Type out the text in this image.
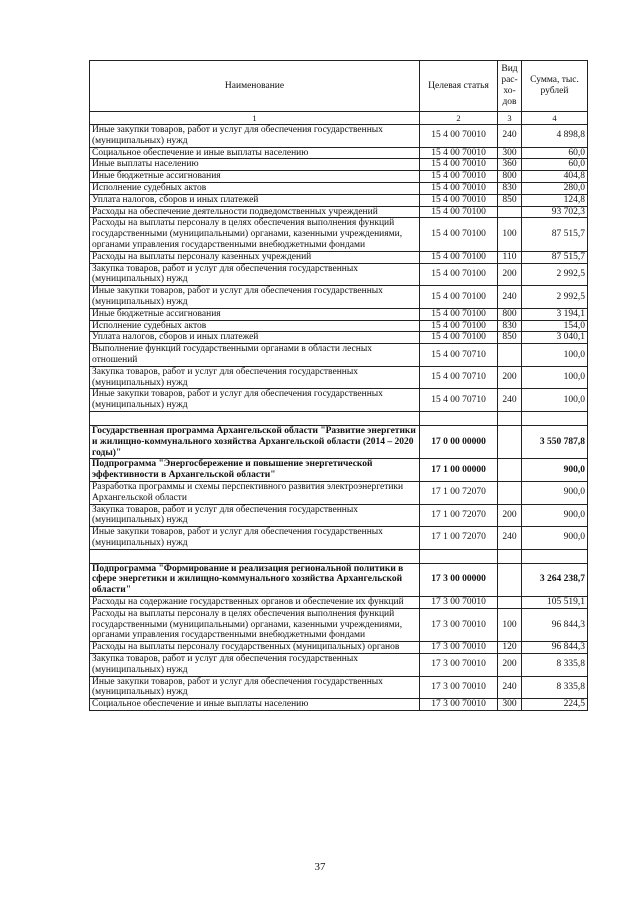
Наименование	Целевая статья	Вид рас-хо-дов	Сумма, тыс. рублей
1	2	3	4
Иные закупки товаров, работ и услуг для обеспечения государственных (муниципальных) нужд	15 4 00 70010	240	4 898,8
Социальное обеспечение и иные выплаты населению	15 4 00 70010	300	60,0
Иные выплаты населению	15 4 00 70010	360	60,0
Иные бюджетные ассигнования	15 4 00 70010	800	404,8
Исполнение судебных актов	15 4 00 70010	830	280,0
Уплата налогов, сборов и иных платежей	15 4 00 70010	850	124,8
Расходы на обеспечение деятельности подведомственных учреждений	15 4 00 70100		93 702,3
Расходы на выплаты персоналу в целях обеспечения выполнения функций государственными (муниципальными) органами, казенными учреждениями, органами управления государственными внебюджетными фондами	15 4 00 70100	100	87 515,7
Расходы на выплаты персоналу казенных учреждений	15 4 00 70100	110	87 515,7
Закупка товаров, работ и услуг для обеспечения государственных (муниципальных) нужд	15 4 00 70100	200	2 992,5
Иные закупки товаров, работ и услуг для обеспечения государственных (муниципальных) нужд	15 4 00 70100	240	2 992,5
Иные бюджетные ассигнования	15 4 00 70100	800	3 194,1
Исполнение судебных актов	15 4 00 70100	830	154,0
Уплата налогов, сборов и иных платежей	15 4 00 70100	850	3 040,1
Выполнение функций государственными органами в области лесных отношений	15 4 00 70710		100,0
Закупка товаров, работ и услуг для обеспечения государственных (муниципальных) нужд	15 4 00 70710	200	100,0
Иные закупки товаров, работ и услуг для обеспечения государственных (муниципальных) нужд	15 4 00 70710	240	100,0

Государственная программа Архангельской области "Развитие энергетики и жилищно-коммунального хозяйства Архангельской области (2014 – 2020 годы)"	17 0 00 00000		3 550 787,8
Подпрограмма "Энергосбережение и повышение энергетической эффективности в Архангельской области"	17 1 00 00000		900,0
Разработка программы и схемы перспективного развития электроэнергетики Архангельской области	17 1 00 72070		900,0
Закупка товаров, работ и услуг для обеспечения государственных (муниципальных) нужд	17 1 00 72070	200	900,0
Иные закупки товаров, работ и услуг для обеспечения государственных (муниципальных) нужд	17 1 00 72070	240	900,0

Подпрограмма "Формирование и реализация региональной политики в сфере энергетики и жилищно-коммунального хозяйства Архангельской области"	17 3 00 00000		3 264 238,7
Расходы на содержание государственных органов и обеспечение их функций	17 3 00 70010		105 519,1
Расходы на выплаты персоналу в целях обеспечения выполнения функций государственными (муниципальными) органами, казенными учреждениями, органами управления государственными внебюджетными фондами	17 3 00 70010	100	96 844,3
Расходы на выплаты персоналу государственных (муниципальных) органов	17 3 00 70010	120	96 844,3
Закупка товаров, работ и услуг для обеспечения государственных (муниципальных) нужд	17 3 00 70010	200	8 335,8
Иные закупки товаров, работ и услуг для обеспечения государственных (муниципальных) нужд	17 3 00 70010	240	8 335,8
Социальное обеспечение и иные выплаты населению	17 3 00 70010	300	224,5
37
